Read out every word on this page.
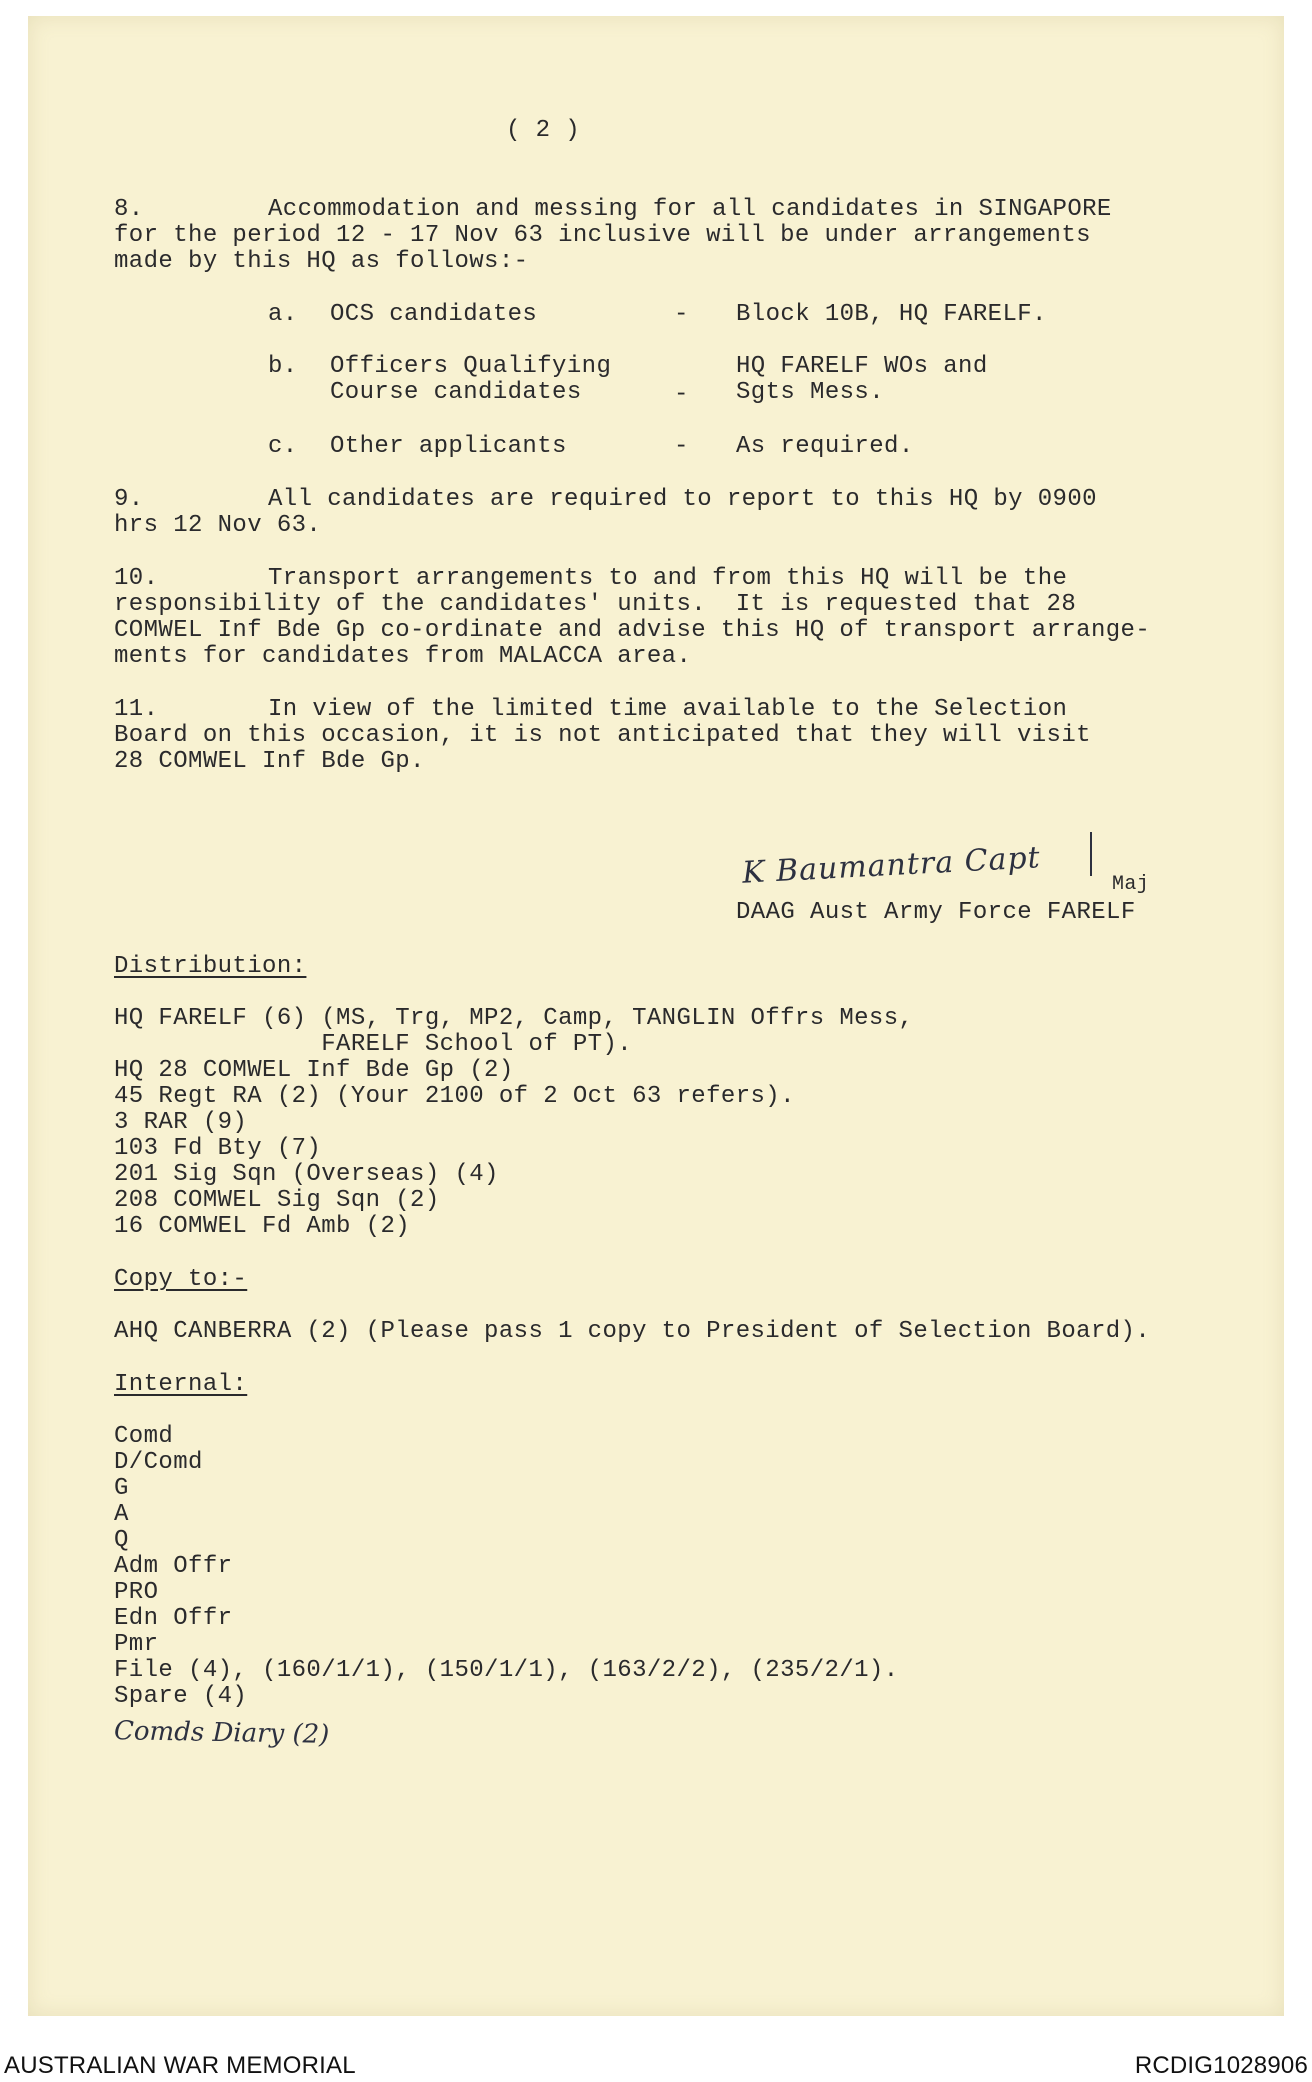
( 2 )
8.	Accommodation and messing for all candidates in SINGAPORE
for the period 12 - 17 Nov 63 inclusive will be under arrangements
made by this HQ as follows:-
a. OCS candidates	- Block 10B, HQ FARELF.
b. Officers Qualifying
Course candidates	-
HQ FARELF WOs and
Sgts Mess.
c. Other applicants	- As required.
9.	All candidates are required to report to this HQ by 0900
hrs 12 Nov 63.
10.	Transport arrangements to and from this HQ will be the
responsibility of the candidates' units.  It is requested that 28
COMWEL Inf Bde Gp co-ordinate and advise this HQ of transport arrange-
ments for candidates from MALACCA area.
11.	In view of the limited time available to the Selection
Board on this occasion, it is not anticipated that they will visit
28 COMWEL Inf Bde Gp.
K Baumantra Capt	Maj
DAAG Aust Army Force FARELF
Distribution:
HQ FARELF (6) (MS, Trg, MP2, Camp, TANGLIN Offrs Mess,
FARELF School of PT).
HQ 28 COMWEL Inf Bde Gp (2)
45 Regt RA (2) (Your 2100 of 2 Oct 63 refers).
3 RAR (9)
103 Fd Bty (7)
201 Sig Sqn (Overseas) (4)
208 COMWEL Sig Sqn (2)
16 COMWEL Fd Amb (2)
Copy to:-
AHQ CANBERRA (2) (Please pass 1 copy to President of Selection Board).
Internal:
Comd
D/Comd
G
A
Q
Adm Offr
PRO
Edn Offr
Pmr
File (4), (160/1/1), (150/1/1), (163/2/2), (235/2/1).
Spare (4)
Comds Diary (2)
AUSTRALIAN WAR MEMORIAL	RCDIG1028906
